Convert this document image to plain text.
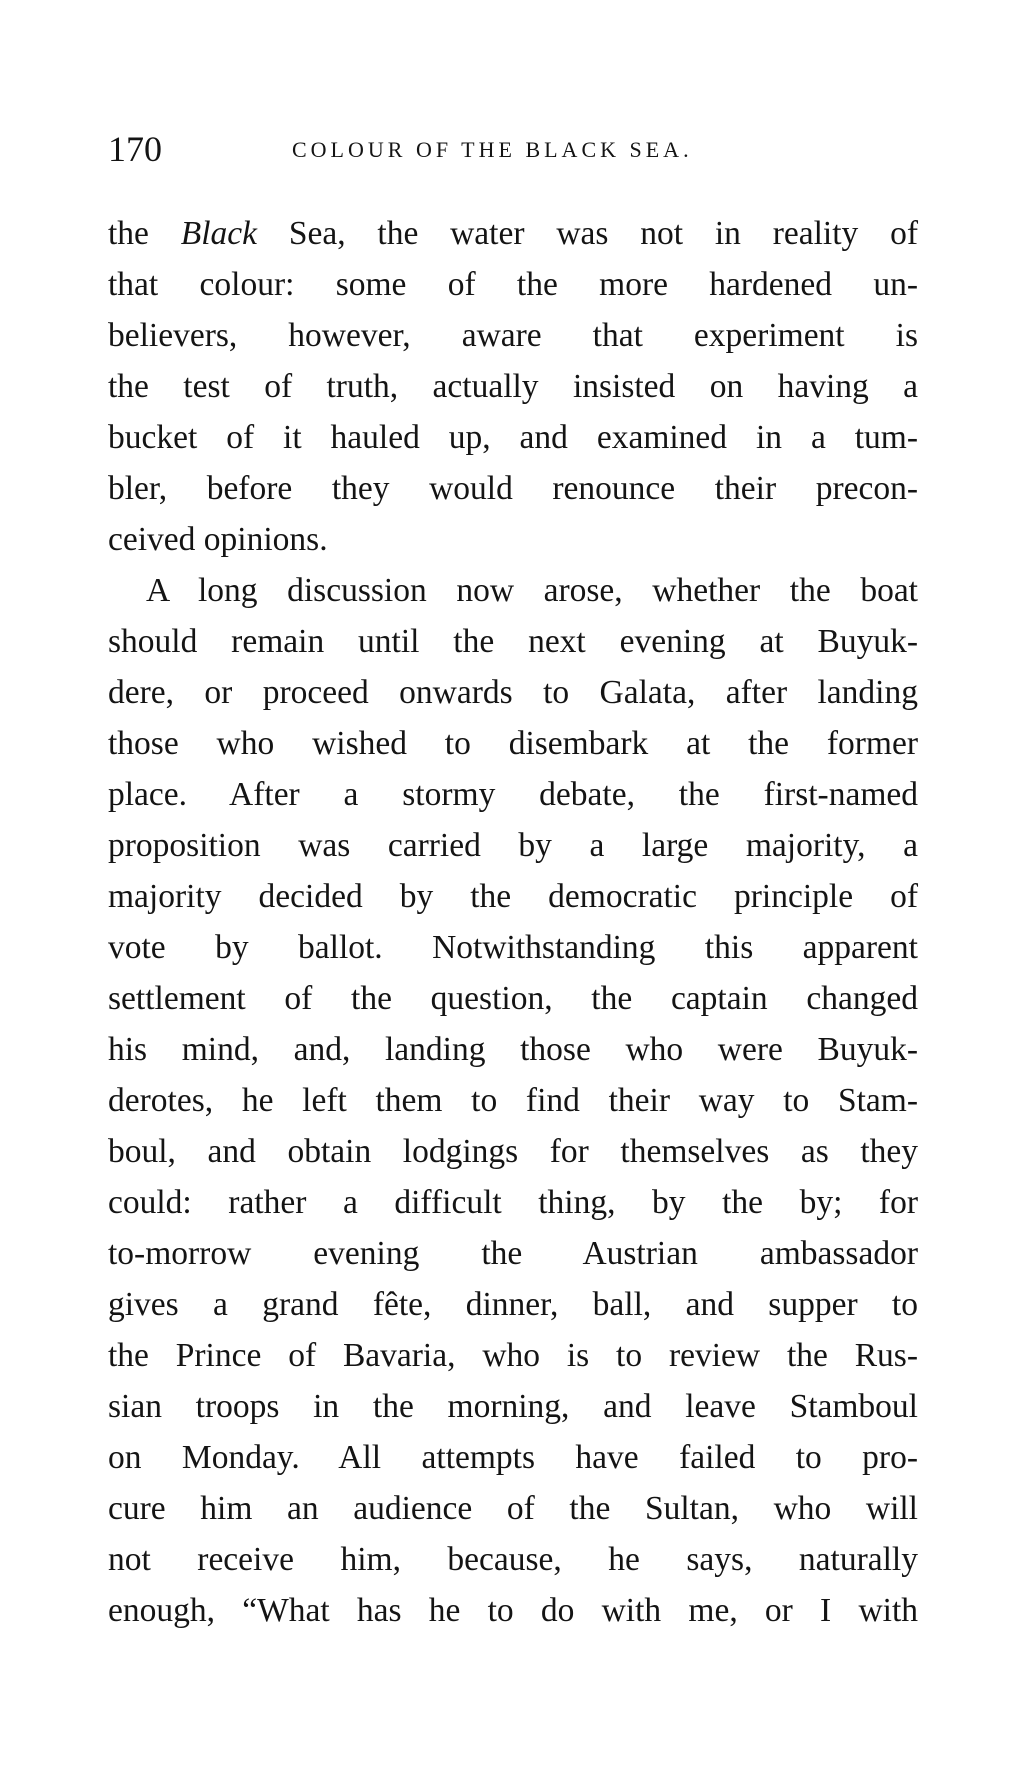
170	COLOUR OF THE BLACK SEA.
the Black Sea, the water was not in reality of
that colour: some of the more hardened un-
believers, however, aware that experiment is
the test of truth, actually insisted on having a
bucket of it hauled up, and examined in a tum-
bler, before they would renounce their precon-
ceived opinions.
A long discussion now arose, whether the boat
should remain until the next evening at Buyuk-
dere, or proceed onwards to Galata, after landing
those who wished to disembark at the former
place. After a stormy debate, the first-named
proposition was carried by a large majority, a
majority decided by the democratic principle of
vote by ballot. Notwithstanding this apparent
settlement of the question, the captain changed
his mind, and, landing those who were Buyuk-
derotes, he left them to find their way to Stam-
boul, and obtain lodgings for themselves as they
could: rather a difficult thing, by the by; for
to-morrow evening the Austrian ambassador
gives a grand fête, dinner, ball, and supper to
the Prince of Bavaria, who is to review the Rus-
sian troops in the morning, and leave Stamboul
on Monday. All attempts have failed to pro-
cure him an audience of the Sultan, who will
not receive him, because, he says, naturally
enough, “What has he to do with me, or I with
